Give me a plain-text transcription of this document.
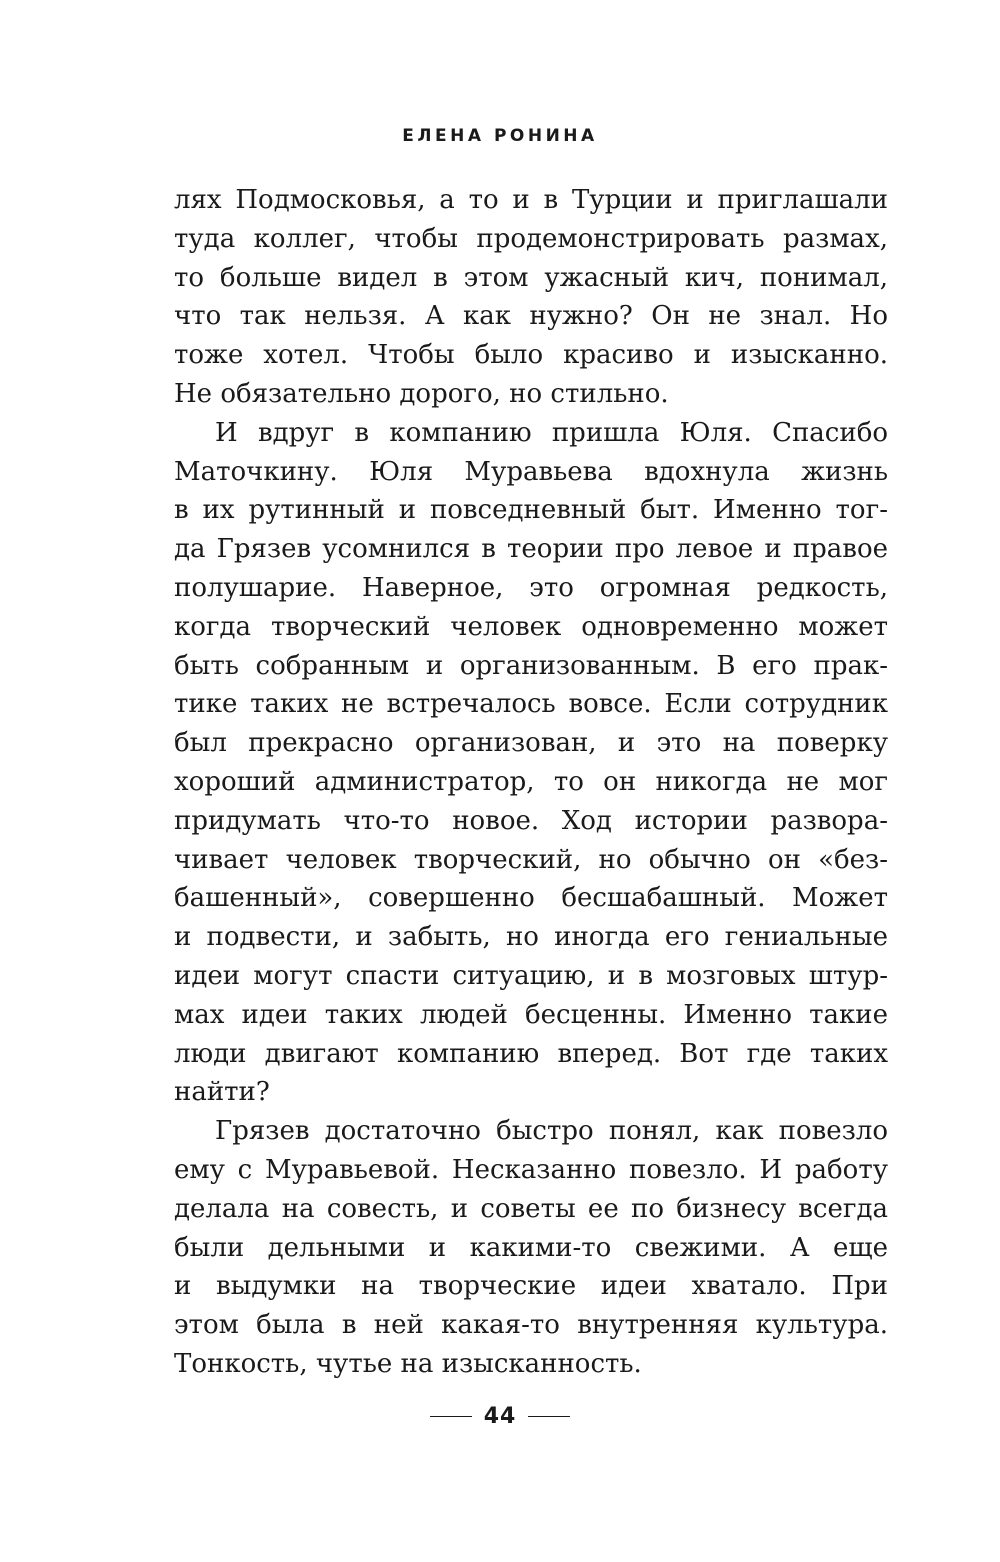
ЕЛЕНА РОНИНА
лях Подмосковья, а то и в Турции и приглашали
туда коллег, чтобы продемонстрировать размах,
то больше видел в этом ужасный кич, понимал,
что так нельзя. А как нужно? Он не знал. Но
тоже хотел. Чтобы было красиво и изысканно.
Не обязательно дорого, но стильно.
И вдруг в компанию пришла Юля. Спасибо
Маточкину. Юля Муравьева вдохнула жизнь
в их рутинный и повседневный быт. Именно тог-
да Грязев усомнился в теории про левое и правое
полушарие. Наверное, это огромная редкость,
когда творческий человек одновременно может
быть собранным и организованным. В его прак-
тике таких не встречалось вовсе. Если сотрудник
был прекрасно организован, и это на поверку
хороший администратор, то он никогда не мог
придумать что-то новое. Ход истории развора-
чивает человек творческий, но обычно он «без-
башенный», совершенно бесшабашный. Может
и подвести, и забыть, но иногда его гениальные
идеи могут спасти ситуацию, и в мозговых штур-
мах идеи таких людей бесценны. Именно такие
люди двигают компанию вперед. Вот где таких
найти?
Грязев достаточно быстро понял, как повезло
ему с Муравьевой. Несказанно повезло. И работу
делала на совесть, и советы ее по бизнесу всегда
были дельными и какими-то свежими. А еще
и выдумки на творческие идеи хватало. При
этом была в ней какая-то внутренняя культура.
Тонкость, чутье на изысканность.
44
